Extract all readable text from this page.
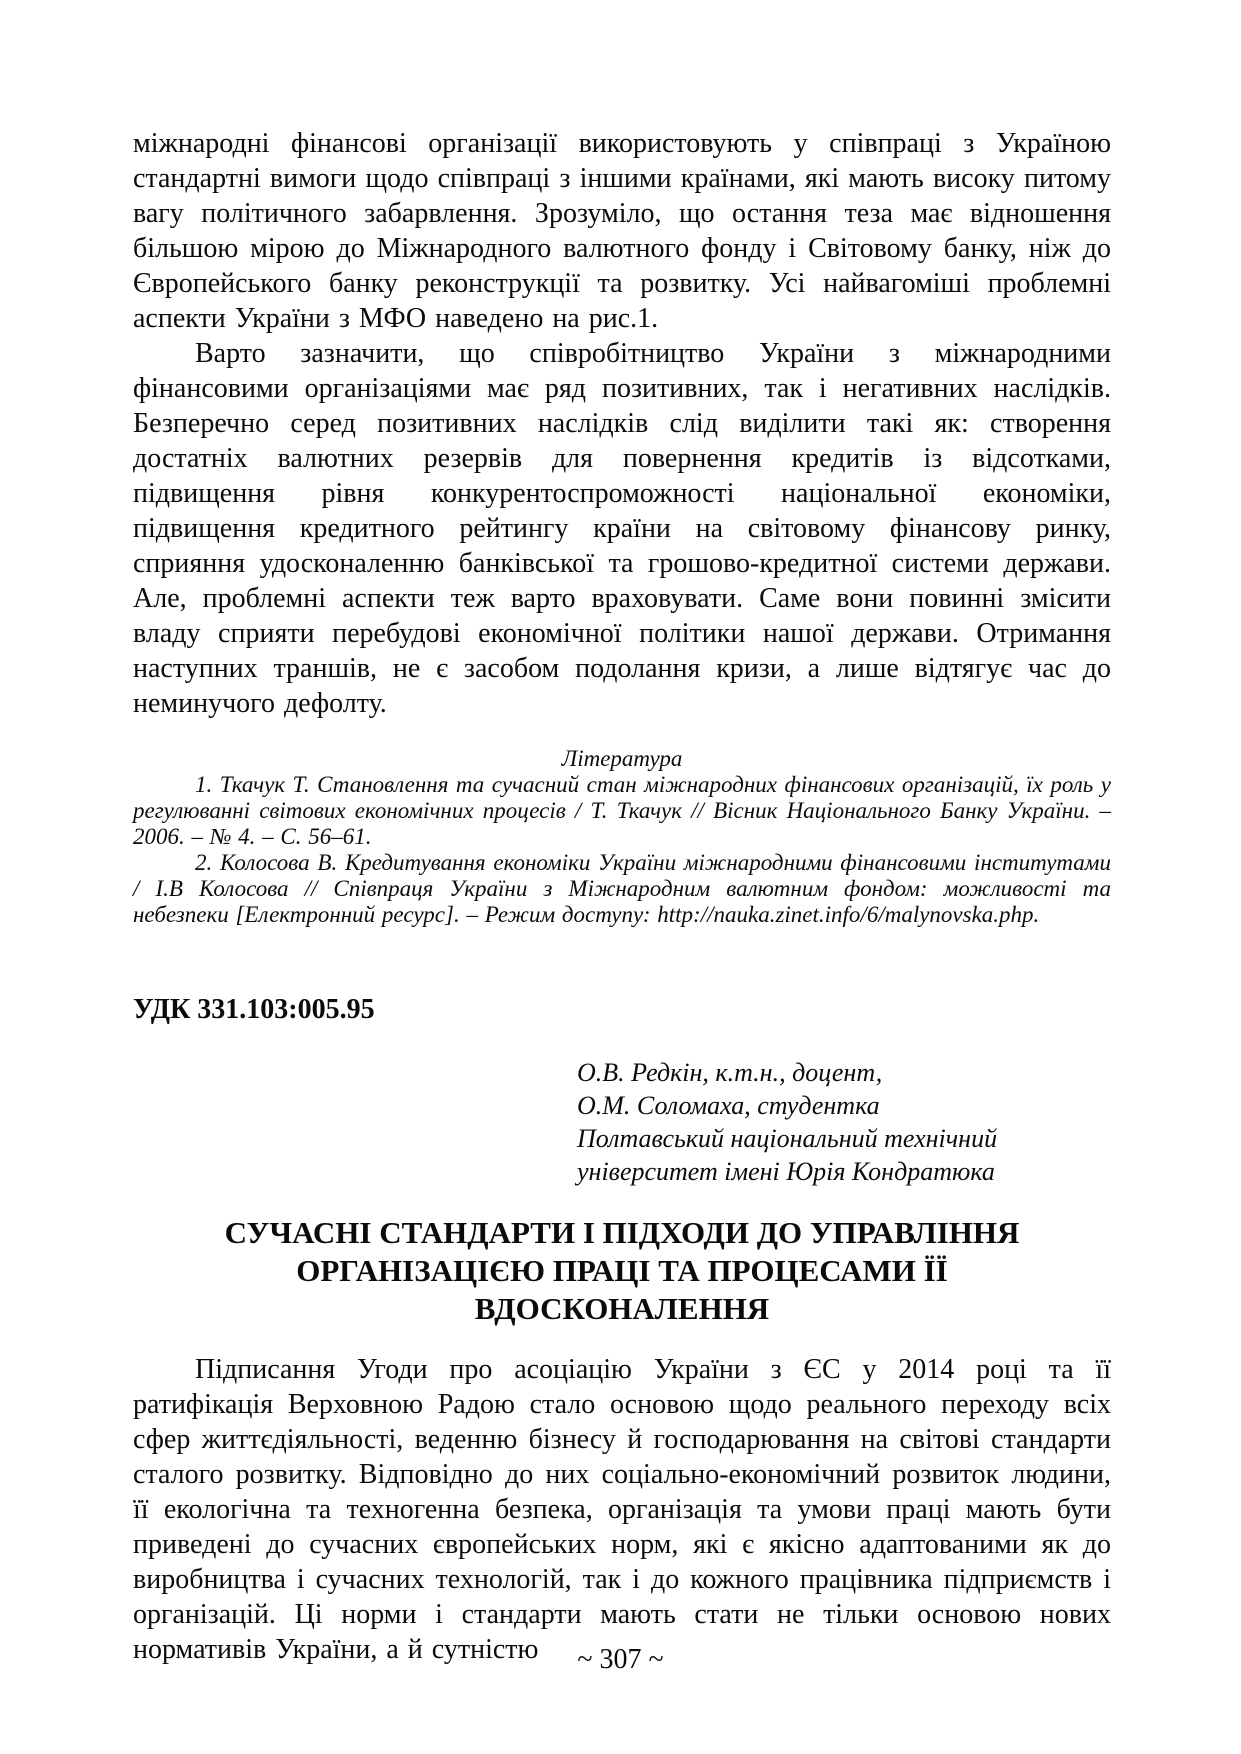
міжнародні фінансові організації використовують у співпраці з Україною стандартні вимоги щодо співпраці з іншими країнами, які мають високу питому вагу політичного забарвлення. Зрозуміло, що остання теза має відношення більшою мірою до Міжнародного валютного фонду і Світовому банку, ніж до Європейського банку реконструкції та розвитку. Усі найвагоміші проблемні аспекти України з МФО наведено на рис.1.

Варто зазначити, що співробітництво України з міжнародними фінансовими організаціями має ряд позитивних, так і негативних наслідків. Безперечно серед позитивних наслідків слід виділити такі як: створення достатніх валютних резервів для повернення кредитів із відсотками, підвищення рівня конкурентоспроможності національної економіки, підвищення кредитного рейтингу країни на світовому фінансову ринку, сприяння удосконаленню банківської та грошово-кредитної системи держави. Але, проблемні аспекти теж варто враховувати. Саме вони повинні змісити владу сприяти перебудові економічної політики нашої держави. Отримання наступних траншів, не є засобом подолання кризи, а лише відтягує час до неминучого дефолту.

Література

1. Ткачук Т. Становлення та сучасний стан міжнародних фінансових організацій, їх роль у регулюванні світових економічних процесів / Т. Ткачук // Вісник Національного Банку України. – 2006. – № 4. – С. 56–61.

2. Колосова В. Кредитування економіки України міжнародними фінансовими інститутами / І.В Колосова // Співпраця України з Міжнародним валютним фондом: можливості та небезпеки [Електронний ресурс]. – Режим доступу: http://nauka.zinet.info/6/malynovska.php.

УДК 331.103:005.95

О.В. Редкін, к.т.н., доцент,
О.М. Соломаха, студентка
Полтавський національний технічний
університет імені Юрія Кондратюка
СУЧАСНІ СТАНДАРТИ І ПІДХОДИ ДО УПРАВЛІННЯ ОРГАНІЗАЦІЄЮ ПРАЦІ ТА ПРОЦЕСАМИ ЇЇ ВДОСКОНАЛЕННЯ

Підписання Угоди про асоціацію України з ЄС у 2014 році та її ратифікація Верховною Радою стало основою щодо реального переходу всіх сфер життєдіяльності, веденню бізнесу й господарювання на світові стандарти сталого розвитку. Відповідно до них соціально-економічний розвиток людини, її екологічна та техногенна безпека, організація та умови праці мають бути приведені до сучасних європейських норм, які є якісно адаптованими як до виробництва і сучасних технологій, так і до кожного працівника підприємств і організацій. Ці норми і стандарти мають стати не тільки основою нових нормативів України, а й сутністю	~ 307 ~
